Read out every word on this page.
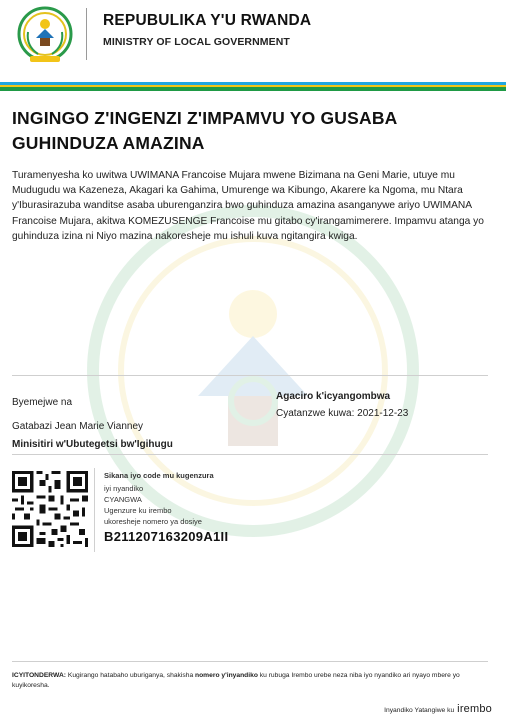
REPUBULIKA Y'U RWANDA
MINISTRY OF LOCAL GOVERNMENT
INGINGO Z'INGENZI Z'IMPAMVU YO GUSABA GUHINDUZA AMAZINA
Turamenyesha ko uwitwa UWIMANA Francoise Mujara mwene Bizimana na Geni Marie, utuye mu Mudugudu wa Kazeneza, Akagari ka Gahima, Umurenge wa Kibungo, Akarere ka Ngoma, mu Ntara y'Iburasirazuba wanditse asaba uburenganzira bwo guhinduza amazina asanganywe ariyo UWIMANA Francoise Mujara, akitwa KOMEZUSENGE Francoise mu gitabo cy'irangamimerere. Impamvu atanga yo guhinduza izina ni Niyo mazina nakoresheje mu ishuli kuva ngitangira kwiga.
Byemejwe na
Gatabazi Jean Marie Vianney
Minisitiri w'Ubutegetsi bw'Igihugu
Agaciro k'icyangombwa
Cyatanzwe kuwa: 2021-12-23
Sikana iyo code mu kugenzura
iyi nyandiko
CYANGWA
Ugenzure ku irembo
ukoresheje nomero ya dosiye
B211207163209A1II
ICYITONDERWA: Kugirango hatabaho uburiganya, shakisha nomero y'inyandiko ku rubuga Irembo urebe neza niba iyo nyandiko ari nyayo mbere yo kuyikoresha.
Inyandiko Yatangiwe ku irembo
